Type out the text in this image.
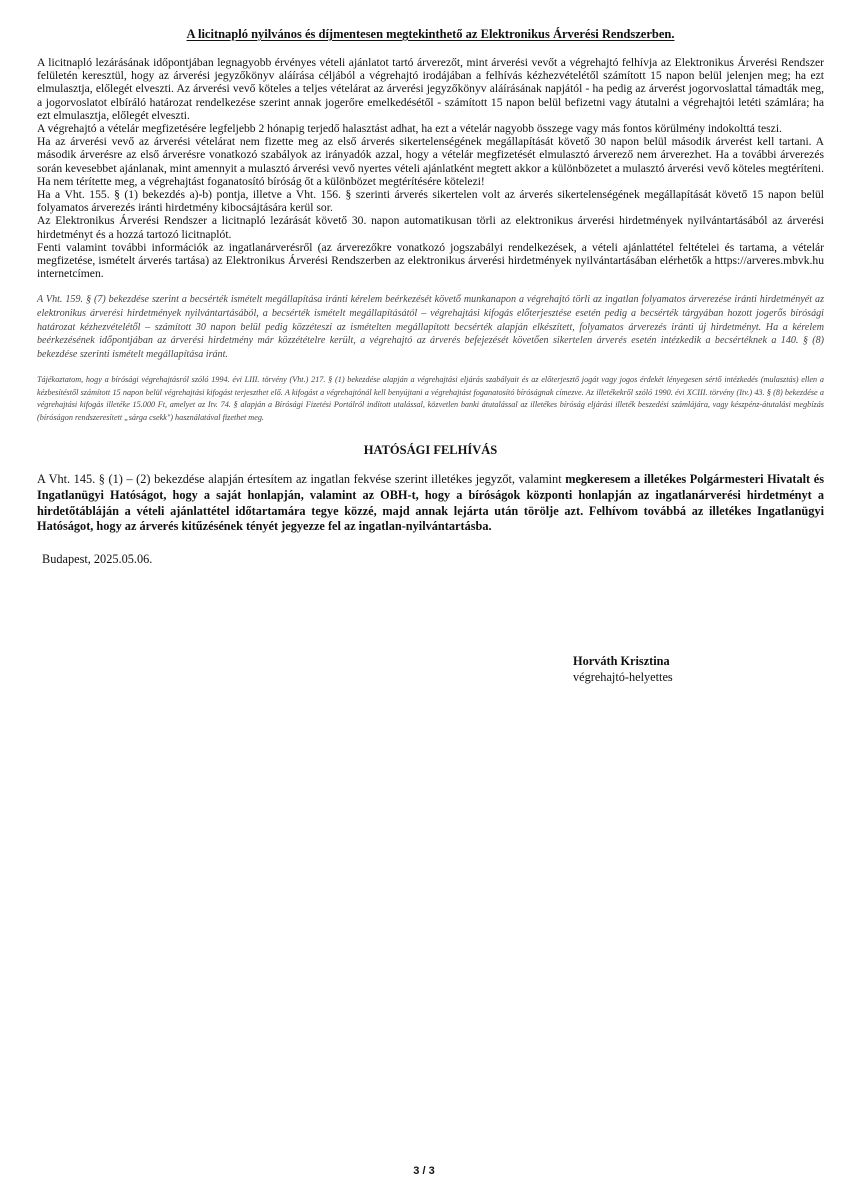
A licitnapló nyilvános és díjmentesen megtekinthető az Elektronikus Árverési Rendszerben.

A licitnapló lezárásának időpontjában legnagyobb érvényes vételi ajánlatot tartó árverezőt, mint árverési vevőt a végrehajtó felhívja az Elektronikus Árverési Rendszer felületén keresztül, hogy az árverési jegyzőkönyv aláírása céljából a végrehajtó irodájában a felhívás kézhezvételétől számított 15 napon belül jelenjen meg; ha ezt elmulasztja, előlegét elveszti. Az árverési vevő köteles a teljes vételárat az árverési jegyzőkönyv aláírásának napjától - ha pedig az árverést jogorvoslattal támadták meg, a jogorvoslatot elbíráló határozat rendelkezése szerint annak jogerőre emelkedésétől - számított 15 napon belül befizetni vagy átutalni a végrehajtói letéti számlára; ha ezt elmulasztja, előlegét elveszti.

A végrehajtó a vételár megfizetésére legfeljebb 2 hónapig terjedő halasztást adhat, ha ezt a vételár nagyobb összege vagy más fontos körülmény indokolttá teszi.

Ha az árverési vevő az árverési vételárat nem fizette meg az első árverés sikertelenségének megállapítását követő 30 napon belül második árverést kell tartani. A második árverésre az első árverésre vonatkozó szabályok az irányadók azzal, hogy a vételár megfizetését elmulasztó árverező nem árverezhet. Ha a további árverezés során kevesebbet ajánlanak, mint amennyit a mulasztó árverési vevő nyertes vételi ajánlatként megtett akkor a különbözetet a mulasztó árverési vevő köteles megtéríteni. Ha nem térítette meg, a végrehajtást foganatosító bíróság őt a különbözet megtérítésére kötelezi!

Ha a Vht. 155. § (1) bekezdés a)-b) pontja, illetve a Vht. 156. § szerinti árverés sikertelen volt az árverés sikertelenségének megállapítását követő 15 napon belül folyamatos árverezés iránti hirdetmény kibocsájtására kerül sor.

Az Elektronikus Árverési Rendszer a licitnapló lezárását követő 30. napon automatikusan törli az elektronikus árverési hirdetmények nyilvántartásából az árverési hirdetményt és a hozzá tartozó licitnaplót.

Fenti valamint további információk az ingatlanárverésről (az árverezőkre vonatkozó jogszabályi rendelkezések, a vételi ajánlattétel feltételei és tartama, a vételár megfizetése, ismételt árverés tartása) az Elektronikus Árverési Rendszerben az elektronikus árverési hirdetmények nyilvántartásában elérhetők a https://arveres.mbvk.hu internetcímen.

A Vht. 159. § (7) bekezdése szerint a becsérték ismételt megállapítása iránti kérelem beérkezését követő munkanapon a végrehajtó törli az ingatlan folyamatos árverezése iránti hirdetményét az elektronikus árverési hirdetmények nyilvántartásából, a becsérték ismételt megállapításától – végrehajtási kifogás előterjesztése esetén pedig a becsérték tárgyában hozott jogerős bírósági határozat kézhezvételétől – számított 30 napon belül pedig közzéteszi az ismételten megállapított becsérték alapján elkészített, folyamatos árverezés iránti új hirdetményt. Ha a kérelem beérkezésének időpontjában az árverési hirdetmény már közzétételre került, a végrehajtó az árverés befejezését követően sikertelen árverés esetén intézkedik a becsértéknek a 140. § (8) bekezdése szerinti ismételt megállapítása iránt.

Tájékoztatom, hogy a bírósági végrehajtásról szóló 1994. évi LIII. törvény (Vht.) 217. § (1) bekezdése alapján a végrehajtási eljárás szabályait és az előterjesztő jogát vagy jogos érdekét lényegesen sértő intézkedés (mulasztás) ellen a kézbesítéstől számított 15 napon belül végrehajtási kifogást terjeszthet elő. A kifogást a végrehajtónál kell benyújtani a végrehajtást foganatosító bíróságnak címezve. Az illetékekről szóló 1990. évi XCIII. törvény (Itv.) 43. § (8) bekezdése a végrehajtási kifogás illetéke 15.000 Ft, amelyet az Itv. 74. § alapján a Bírósági Fizetési Portálról indított utalással, közvetlen banki átutalással az illetékes bíróság eljárási illeték beszedési számlájára, vagy készpénz-átutalási megbízás (bíróságon rendszeresített „sárga csekk") használatával fizethet meg.

HATÓSÁGI FELHÍVÁS

A Vht. 145. § (1) – (2) bekezdése alapján értesítem az ingatlan fekvése szerint illetékes jegyzőt, valamint megkeresem a illetékes Polgármesteri Hivatalt és Ingatlanügyi Hatóságot, hogy a saját honlapján, valamint az OBH-t, hogy a bíróságok központi honlapján az ingatlanárverési hirdetményt a hirdetőtábláján a vételi ajánlattétel időtartamára tegye közzé, majd annak lejárta után törölje azt. Felhívom továbbá az illetékes Ingatlanügyi Hatóságot, hogy az árverés kitűzésének tényét jegyezze fel az ingatlan-nyilvántartásba.

Budapest, 2025.05.06.
Horváth Krisztina
végrehajtó-helyettes
3 / 3
